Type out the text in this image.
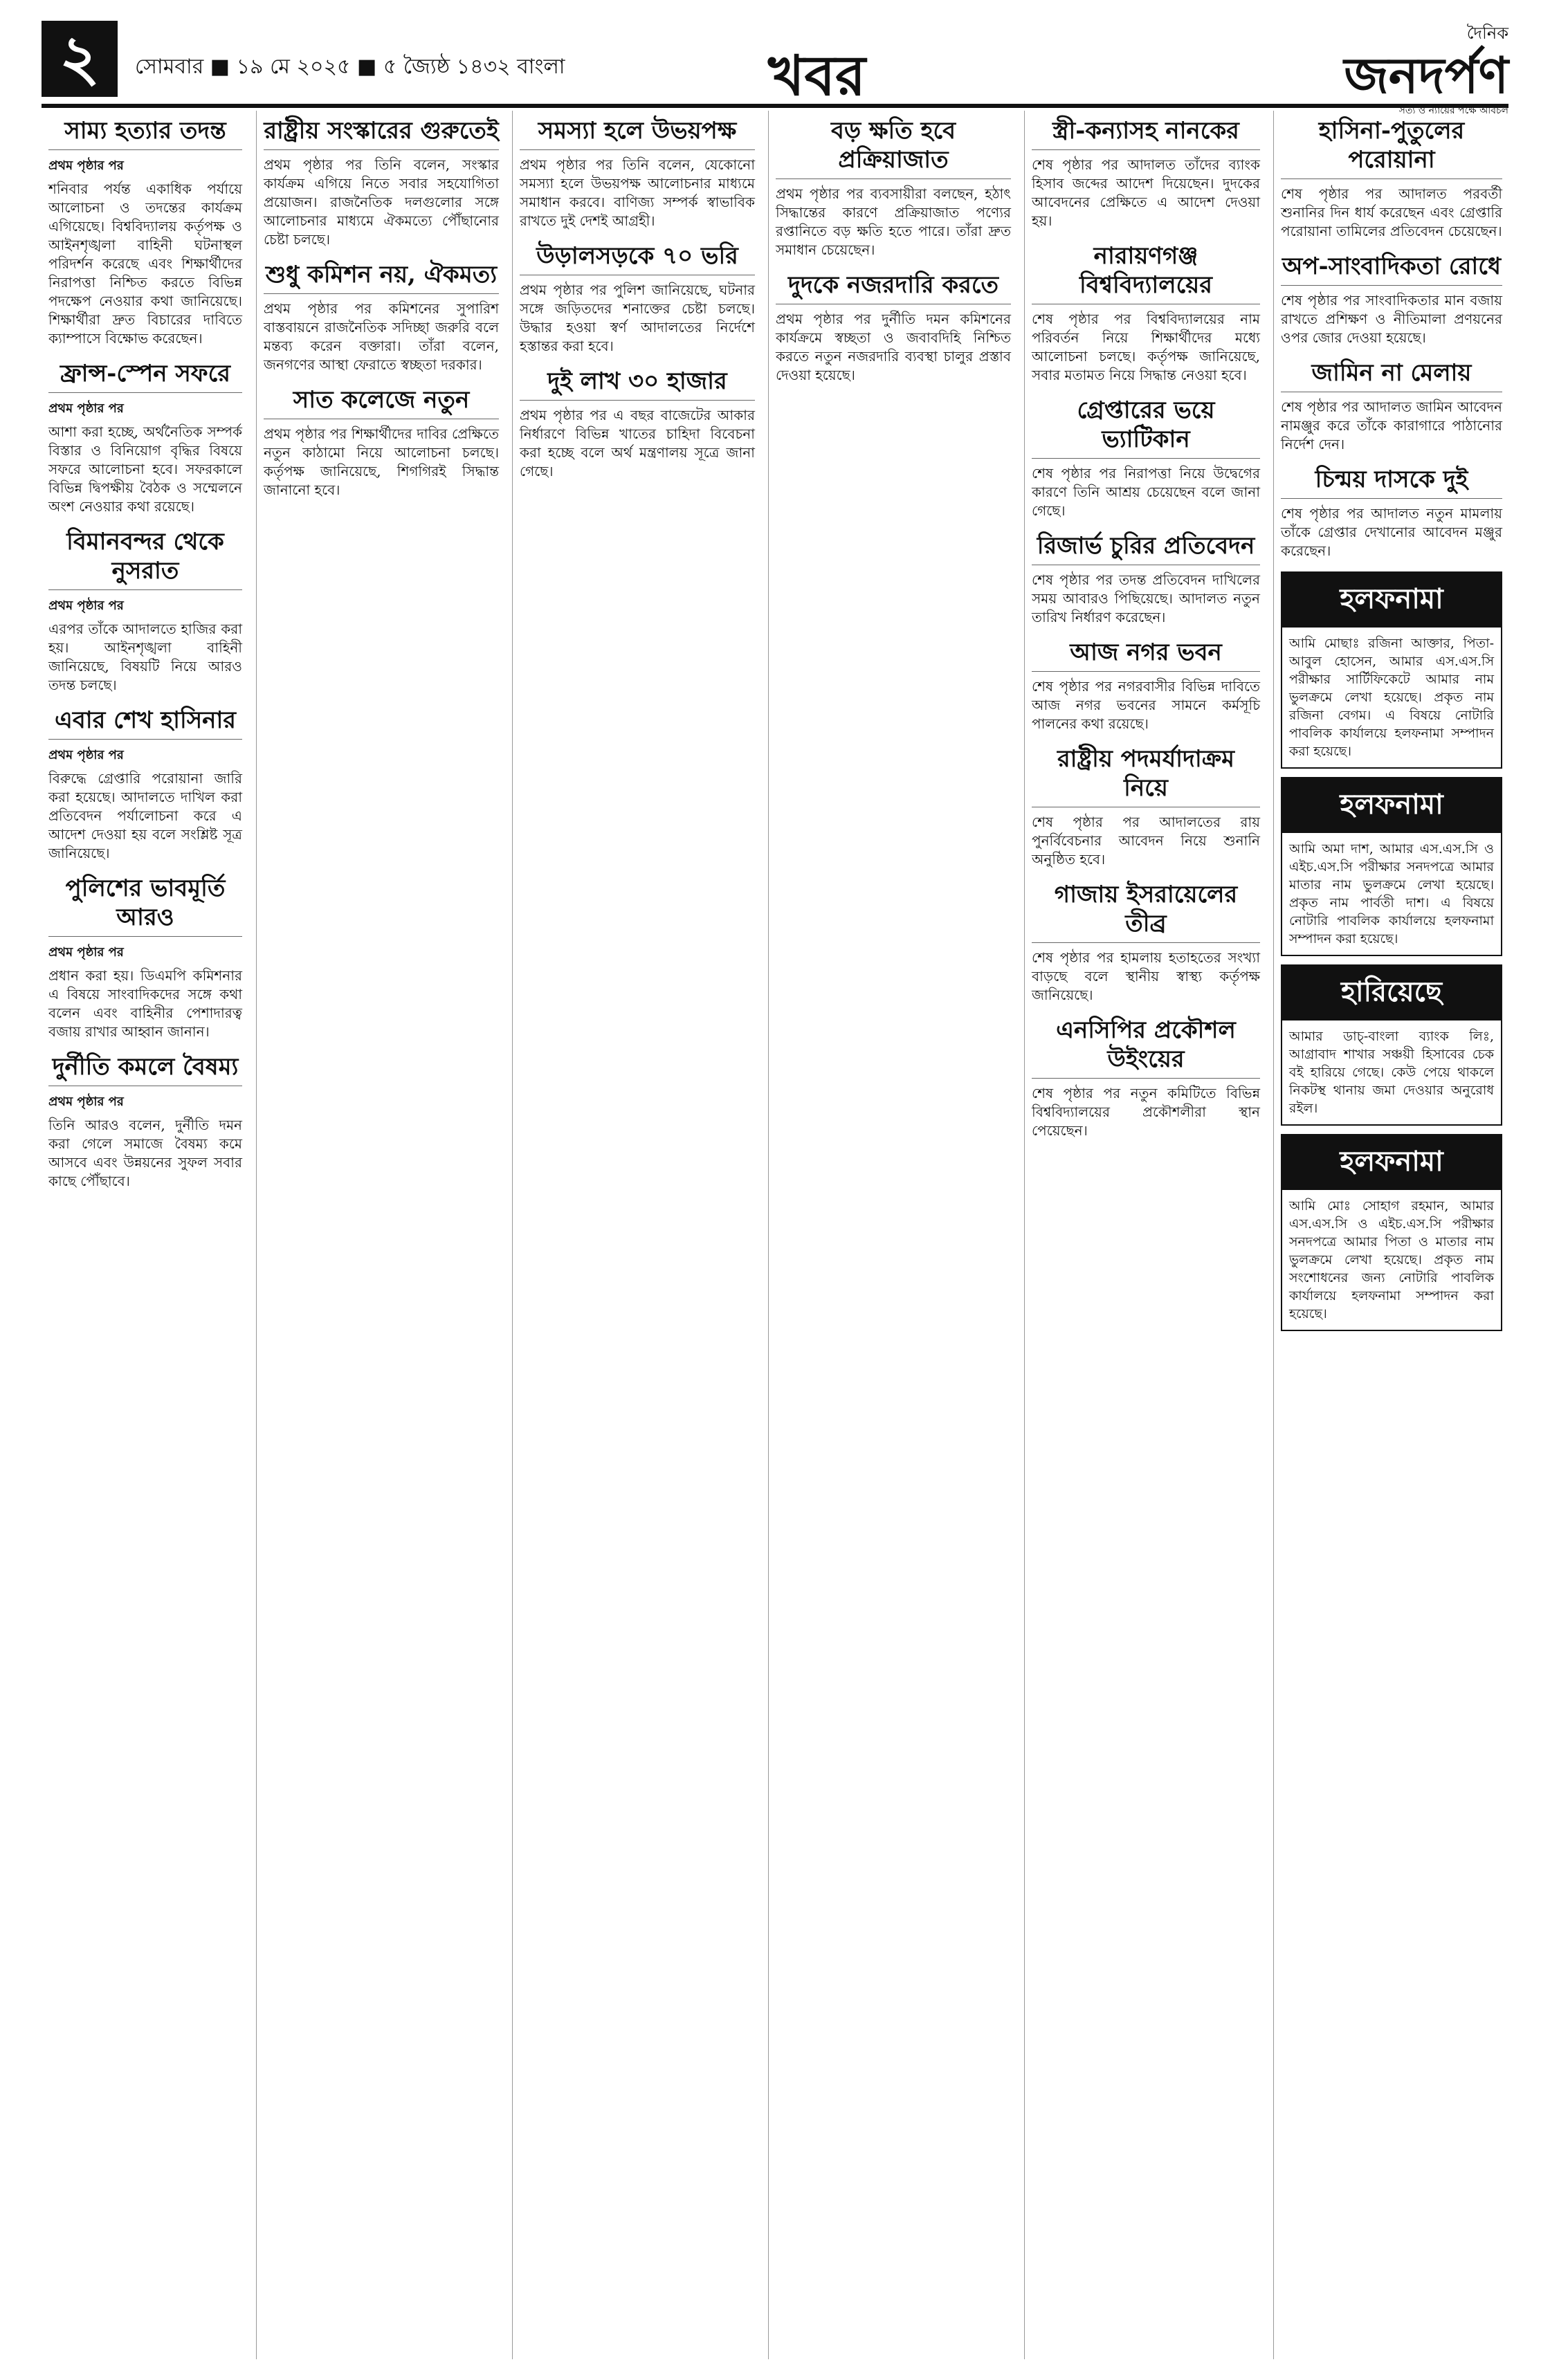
২	সোমবার ■ ১৯ মে ২০২৫ ■ ৫ জ্যৈষ্ঠ ১৪৩২ বাংলা	খবর
দৈনিক
জনদর্পণ
সত্য ও ন্যায়ের পক্ষে অবিচল
সাম্য হত্যার তদন্ত
প্রথম পৃষ্ঠার পর

শনিবার পর্যন্ত একাধিক পর্যায়ে আলোচনা ও তদন্তের কার্যক্রম এগিয়েছে। বিশ্ববিদ্যালয় কর্তৃপক্ষ ও আইনশৃঙ্খলা বাহিনী ঘটনাস্থল পরিদর্শন করেছে এবং শিক্ষার্থীদের নিরাপত্তা নিশ্চিত করতে বিভিন্ন পদক্ষেপ নেওয়ার কথা জানিয়েছে। শিক্ষার্থীরা দ্রুত বিচারের দাবিতে ক্যাম্পাসে বিক্ষোভ করেছেন।

ফ্রান্স-স্পেন সফরে
প্রথম পৃষ্ঠার পর

আশা করা হচ্ছে, অর্থনৈতিক সম্পর্ক বিস্তার ও বিনিয়োগ বৃদ্ধির বিষয়ে সফরে আলোচনা হবে। সফরকালে বিভিন্ন দ্বিপক্ষীয় বৈঠক ও সম্মেলনে অংশ নেওয়ার কথা রয়েছে।

বিমানবন্দর থেকে নুসরাত
প্রথম পৃষ্ঠার পর

এরপর তাঁকে আদালতে হাজির করা হয়। আইনশৃঙ্খলা বাহিনী জানিয়েছে, বিষয়টি নিয়ে আরও তদন্ত চলছে।

এবার শেখ হাসিনার
প্রথম পৃষ্ঠার পর

বিরুদ্ধে গ্রেপ্তারি পরোয়ানা জারি করা হয়েছে। আদালতে দাখিল করা প্রতিবেদন পর্যালোচনা করে এ আদেশ দেওয়া হয় বলে সংশ্লিষ্ট সূত্র জানিয়েছে।

পুলিশের ভাবমূর্তি আরও
প্রথম পৃষ্ঠার পর

প্রধান করা হয়। ডিএমপি কমিশনার এ বিষয়ে সাংবাদিকদের সঙ্গে কথা বলেন এবং বাহিনীর পেশাদারত্ব বজায় রাখার আহ্বান জানান।

দুর্নীতি কমলে বৈষম্য
প্রথম পৃষ্ঠার পর

তিনি আরও বলেন, দুর্নীতি দমন করা গেলে সমাজে বৈষম্য কমে আসবে এবং উন্নয়নের সুফল সবার কাছে পৌঁছাবে।

রাষ্ট্রীয় সংস্কারের গুরুতেই

প্রথম পৃষ্ঠার পর তিনি বলেন, সংস্কার কার্যক্রম এগিয়ে নিতে সবার সহযোগিতা প্রয়োজন। রাজনৈতিক দলগুলোর সঙ্গে আলোচনার মাধ্যমে ঐকমত্যে পৌঁছানোর চেষ্টা চলছে।

শুধু কমিশন নয়, ঐকমত্য

প্রথম পৃষ্ঠার পর কমিশনের সুপারিশ বাস্তবায়নে রাজনৈতিক সদিচ্ছা জরুরি বলে মন্তব্য করেন বক্তারা। তাঁরা বলেন, জনগণের আস্থা ফেরাতে স্বচ্ছতা দরকার।

সাত কলেজে নতুন

প্রথম পৃষ্ঠার পর শিক্ষার্থীদের দাবির প্রেক্ষিতে নতুন কাঠামো নিয়ে আলোচনা চলছে। কর্তৃপক্ষ জানিয়েছে, শিগগিরই সিদ্ধান্ত জানানো হবে।

সমস্যা হলে উভয়পক্ষ

প্রথম পৃষ্ঠার পর তিনি বলেন, যেকোনো সমস্যা হলে উভয়পক্ষ আলোচনার মাধ্যমে সমাধান করবে। বাণিজ্য সম্পর্ক স্বাভাবিক রাখতে দুই দেশই আগ্রহী।

উড়ালসড়কে ৭০ ভরি

প্রথম পৃষ্ঠার পর পুলিশ জানিয়েছে, ঘটনার সঙ্গে জড়িতদের শনাক্তের চেষ্টা চলছে। উদ্ধার হওয়া স্বর্ণ আদালতের নির্দেশে হস্তান্তর করা হবে।

দুই লাখ ৩০ হাজার

প্রথম পৃষ্ঠার পর এ বছর বাজেটের আকার নির্ধারণে বিভিন্ন খাতের চাহিদা বিবেচনা করা হচ্ছে বলে অর্থ মন্ত্রণালয় সূত্রে জানা গেছে।

বড় ক্ষতি হবে প্রক্রিয়াজাত

প্রথম পৃষ্ঠার পর ব্যবসায়ীরা বলছেন, হঠাৎ সিদ্ধান্তের কারণে প্রক্রিয়াজাত পণ্যের রপ্তানিতে বড় ক্ষতি হতে পারে। তাঁরা দ্রুত সমাধান চেয়েছেন।

দুদকে নজরদারি করতে

প্রথম পৃষ্ঠার পর দুর্নীতি দমন কমিশনের কার্যক্রমে স্বচ্ছতা ও জবাবদিহি নিশ্চিত করতে নতুন নজরদারি ব্যবস্থা চালুর প্রস্তাব দেওয়া হয়েছে।

স্ত্রী-কন্যাসহ নানকের

শেষ পৃষ্ঠার পর আদালত তাঁদের ব্যাংক হিসাব জব্দের আদেশ দিয়েছেন। দুদকের আবেদনের প্রেক্ষিতে এ আদেশ দেওয়া হয়।

নারায়ণগঞ্জ বিশ্ববিদ্যালয়ের

শেষ পৃষ্ঠার পর বিশ্ববিদ্যালয়ের নাম পরিবর্তন নিয়ে শিক্ষার্থীদের মধ্যে আলোচনা চলছে। কর্তৃপক্ষ জানিয়েছে, সবার মতামত নিয়ে সিদ্ধান্ত নেওয়া হবে।

গ্রেপ্তারের ভয়ে ভ্যাটিকান

শেষ পৃষ্ঠার পর নিরাপত্তা নিয়ে উদ্বেগের কারণে তিনি আশ্রয় চেয়েছেন বলে জানা গেছে।

রিজার্ভ চুরির প্রতিবেদন

শেষ পৃষ্ঠার পর তদন্ত প্রতিবেদন দাখিলের সময় আবারও পিছিয়েছে। আদালত নতুন তারিখ নির্ধারণ করেছেন।

আজ নগর ভবন

শেষ পৃষ্ঠার পর নগরবাসীর বিভিন্ন দাবিতে আজ নগর ভবনের সামনে কর্মসূচি পালনের কথা রয়েছে।

রাষ্ট্রীয় পদমর্যাদাক্রম নিয়ে

শেষ পৃষ্ঠার পর আদালতের রায় পুনর্বিবেচনার আবেদন নিয়ে শুনানি অনুষ্ঠিত হবে।

গাজায় ইসরায়েলের তীব্র

শেষ পৃষ্ঠার পর হামলায় হতাহতের সংখ্যা বাড়ছে বলে স্থানীয় স্বাস্থ্য কর্তৃপক্ষ জানিয়েছে।

এনসিপির প্রকৌশল উইংয়ের

শেষ পৃষ্ঠার পর নতুন কমিটিতে বিভিন্ন বিশ্ববিদ্যালয়ের প্রকৌশলীরা স্থান পেয়েছেন।

হাসিনা-পুতুলের পরোয়ানা

শেষ পৃষ্ঠার পর আদালত পরবর্তী শুনানির দিন ধার্য করেছেন এবং গ্রেপ্তারি পরোয়ানা তামিলের প্রতিবেদন চেয়েছেন।

অপ-সাংবাদিকতা রোধে

শেষ পৃষ্ঠার পর সাংবাদিকতার মান বজায় রাখতে প্রশিক্ষণ ও নীতিমালা প্রণয়নের ওপর জোর দেওয়া হয়েছে।

জামিন না মেলায়

শেষ পৃষ্ঠার পর আদালত জামিন আবেদন নামঞ্জুর করে তাঁকে কারাগারে পাঠানোর নির্দেশ দেন।

চিন্ময় দাসকে দুই

শেষ পৃষ্ঠার পর আদালত নতুন মামলায় তাঁকে গ্রেপ্তার দেখানোর আবেদন মঞ্জুর করেছেন।

হলফনামা
আমি মোছাঃ রজিনা আক্তার, পিতা- আবুল হোসেন, আমার এস.এস.সি পরীক্ষার সার্টিফিকেটে আমার নাম ভুলক্রমে লেখা হয়েছে। প্রকৃত নাম রজিনা বেগম। এ বিষয়ে নোটারি পাবলিক কার্যালয়ে হলফনামা সম্পাদন করা হয়েছে।
হলফনামা
আমি অমা দাশ, আমার এস.এস.সি ও এইচ.এস.সি পরীক্ষার সনদপত্রে আমার মাতার নাম ভুলক্রমে লেখা হয়েছে। প্রকৃত নাম পার্বতী দাশ। এ বিষয়ে নোটারি পাবলিক কার্যালয়ে হলফনামা সম্পাদন করা হয়েছে।
হারিয়েছে
আমার ডাচ্‌-বাংলা ব্যাংক লিঃ, আগ্রাবাদ শাখার সঞ্চয়ী হিসাবের চেক বই হারিয়ে গেছে। কেউ পেয়ে থাকলে নিকটস্থ থানায় জমা দেওয়ার অনুরোধ রইল।
হলফনামা
আমি মোঃ সোহাগ রহমান, আমার এস.এস.সি ও এইচ.এস.সি পরীক্ষার সনদপত্রে আমার পিতা ও মাতার নাম ভুলক্রমে লেখা হয়েছে। প্রকৃত নাম সংশোধনের জন্য নোটারি পাবলিক কার্যালয়ে হলফনামা সম্পাদন করা হয়েছে।
